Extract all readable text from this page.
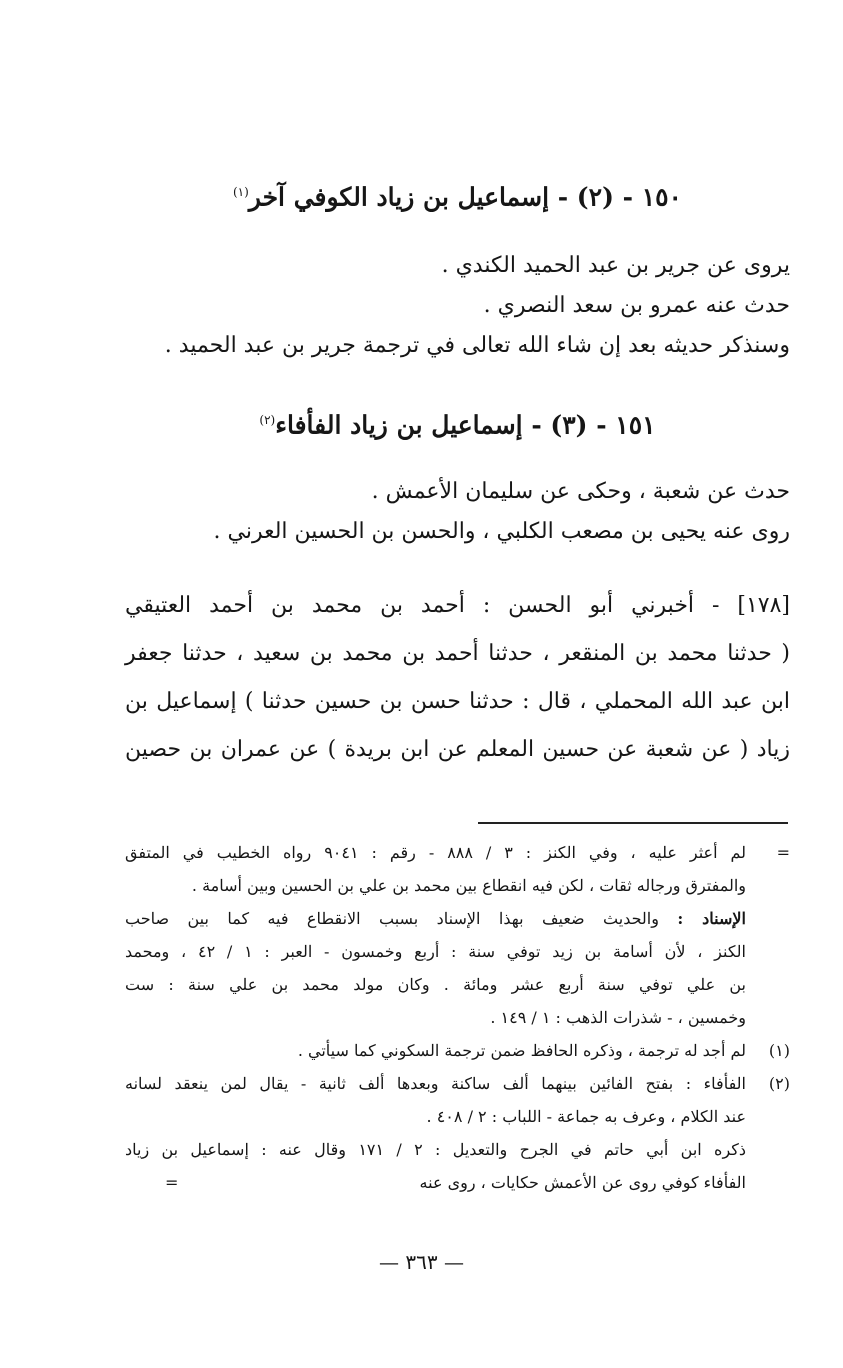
١٥٠ - (٢) - إسماعيل بن زياد الكوفي آخر$^{(١)}$
يروى عن جرير بن عبد الحميد الكندي .
حدث عنه عمرو بن سعد النصري .
وسنذكر حديثه بعد إن شاء الله تعالى في ترجمة جرير بن عبد الحميد .
١٥١ - (٣) - إسماعيل بن زياد الفأفاء$^{(٢)}$
حدث عن شعبة ، وحكى عن سليمان الأعمش .
روى عنه يحيى بن مصعب الكلبي ، والحسن بن الحسين العرني .
[١٧٨] - أخبرني أبو الحسن : أحمد بن محمد بن أحمد العتيقي
( حدثنا محمد بن المنقعر ، حدثنا أحمد بن محمد بن سعيد ، حدثنا جعفر
ابن عبد الله المحملي ، قال : حدثنا حسن بن حسين حدثنا ) إسماعيل بن
زياد ( عن شعبة عن حسين المعلم عن ابن بريدة ) عن عمران بن حصين
=
لم أعثر عليه ، وفي الكنز : ٣ / ٨٨٨ - رقم : ٩٠٤١ رواه الخطيب في المتفق
والمفترق ورجاله ثقات ، لكن فيه انقطاع بين محمد بن علي بن الحسين وبين أسامة .
الإسناد : والحديث ضعيف بهذا الإسناد بسبب الانقطاع فيه كما بين صاحب
الكنز ، لأن أسامة بن زيد توفي سنة : أربع وخمسون - العبر : ١ / ٤٢ ، ومحمد
بن علي توفي سنة أربع عشر ومائة . وكان مولد محمد بن علي سنة : ست
وخمسين ، - شذرات الذهب : ١ / ١٤٩ .
(١)
لم أجد له ترجمة ، وذكره الحافظ ضمن ترجمة السكوني كما سيأتي .
(٢)
الفأفاء : بفتح الفائين بينهما ألف ساكنة وبعدها ألف ثانية - يقال لمن ينعقد لسانه
عند الكلام ، وعرف به جماعة - اللباب : ٢ / ٤٠٨ .
ذكره ابن أبي حاتم في الجرح والتعديل : ٢ / ١٧١ وقال عنه : إسماعيل بن زياد
الفأفاء كوفي روى عن الأعمش حكايات ، روى عنه
=
— ٣٦٣ —
